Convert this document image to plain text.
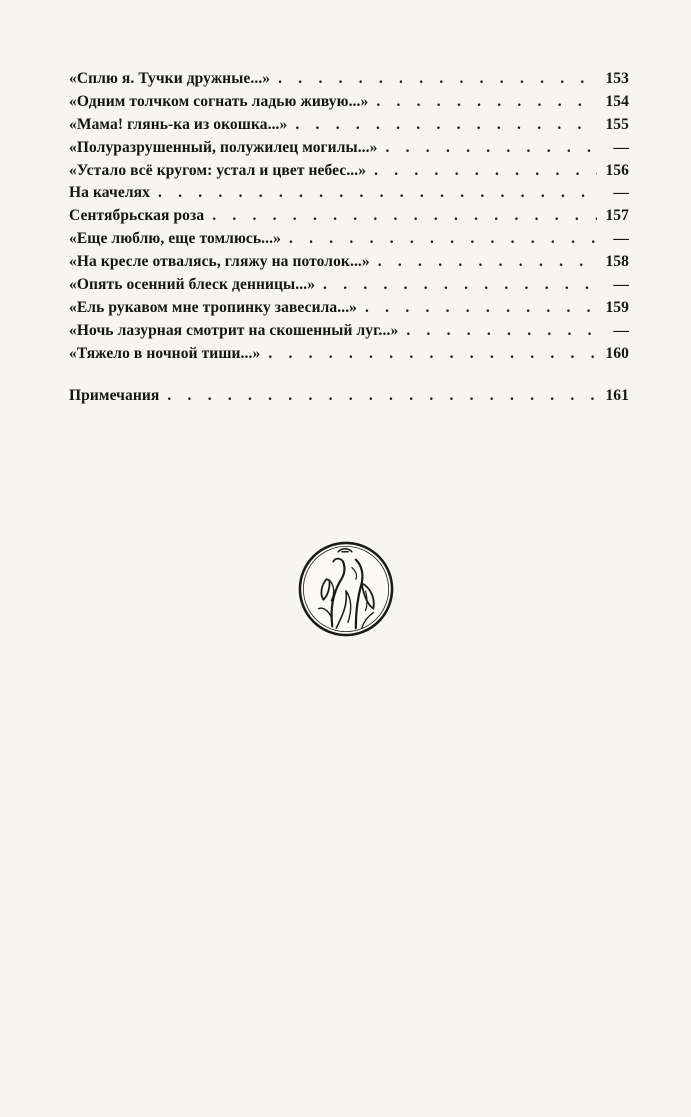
«Сплю я. Тучки дружные...» . . .	153
«Одним толчком согнать ладью живую...» . . .	154
«Мама! глянь-ка из окошка...» . . .	155
«Полуразрушенный, полужилец могилы...» . . .	—
«Устало всё кругом: устал и цвет небес...» . . .	156
На качелях . . .	—
Сентябрьская роза . . .	157
«Еще люблю, еще томлюсь...» . . .	—
«На кресле отвалясь, гляжу на потолок...» . . .	158
«Опять осенний блеск денницы...» . . .	—
«Ель рукавом мне тропинку завесила...» . . .	159
«Ночь лазурная смотрит на скошенный луг...» . . .	—
«Тяжело в ночной тиши...» . . .	160
Примечания . . .	161
